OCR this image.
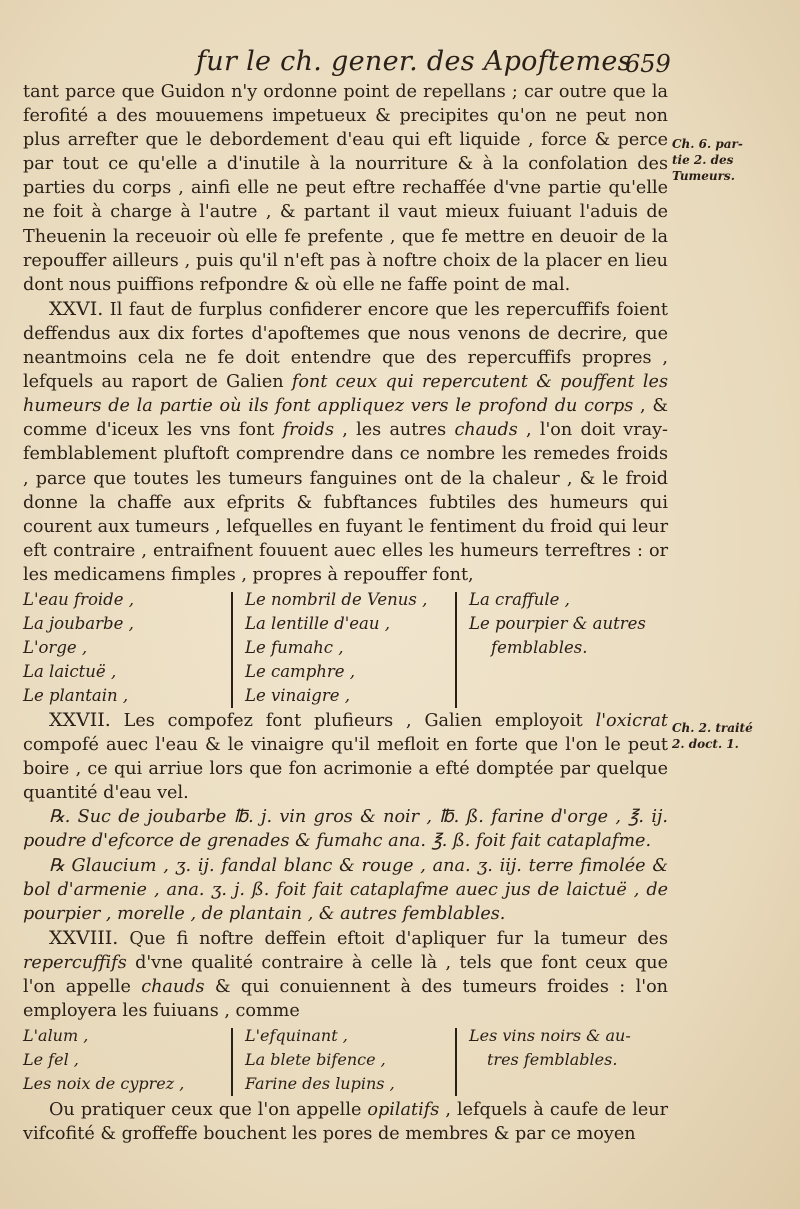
fur le ch. gener. des Apoftemes
659
Ch. 6. par-
tie 2. des
Tumeurs.
Ch. 2. traité
2. doct. 1.

tant parce que Guidon n'y ordonne point de repellans ; car outre que la ferofité a des mouuemens impetueux & precipites qu'on ne peut non plus arrefter que le debordement d'eau qui eft liquide , force & perce par tout ce qu'elle a d'inutile à la nourriture & à la confolation des parties du corps , ainfi elle ne peut eftre rechaffée d'vne partie qu'elle ne foit à charge à l'autre , & partant il vaut mieux fuiuant l'aduis de Theuenin la receuoir où elle fe prefente , que fe mettre en deuoir de la repouffer ailleurs , puis qu'il n'eft pas à noftre choix de la placer en lieu dont nous puiffions refpondre & où elle ne faffe point de mal.

XXVI. Il faut de furplus confiderer encore que les repercuffifs foient deffendus aux dix fortes d'apoftemes que nous venons de decrire, que neantmoins cela ne fe doit entendre que des repercuffifs propres , lefquels au raport de Galien font ceux qui repercutent & pouffent les humeurs de la partie où ils font appliquez vers le profond du corps , & comme d'iceux les vns font froids , les autres chauds , l'on doit vray-femblablement pluftoft comprendre dans ce nombre les remedes froids , parce que toutes les tumeurs fanguines ont de la chaleur , & le froid donne la chaffe aux efprits & fubftances fubtiles des humeurs qui courent aux tumeurs , lefquelles en fuyant le fentiment du froid qui leur eft contraire , entraifnent fouuent auec elles les humeurs terreftres : or les medicamens fimples , propres à repouffer font,

L'eau froide ,
La joubarbe ,
L'orge ,
La laictuë ,
Le plantain ,
Le nombril de Venus ,
La lentille d'eau ,
Le fumahc ,
Le camphre ,
Le vinaigre ,
La craffule ,
Le pourpier & autres
femblables.

XXVII. Les compofez font plufieurs , Galien employoit l'oxicrat compofé auec l'eau & le vinaigre qu'il mefloit en forte que l'on le peut boire , ce qui arriue lors que fon acrimonie a efté domptée par quelque quantité d'eau vel.

℞. Suc de joubarbe ℔. j. vin gros & noir , ℔. ß. farine d'orge , ℥. ij. poudre d'efcorce de grenades & fumahc ana. ℥. ß. foit fait cataplafme.

℞ Glaucium , ʒ. ij. fandal blanc & rouge , ana. ʒ. iij. terre fimolée & bol d'armenie , ana. ʒ. j. ß. foit fait cataplafme auec jus de laictuë , de pourpier , morelle , de plantain , & autres femblables.

XXVIII. Que fi noftre deffein eftoit d'apliquer fur la tumeur des repercuffifs d'vne qualité contraire à celle là , tels que font ceux que l'on appelle chauds & qui conuiennent à des tumeurs froides : l'on employera les fuiuans , comme

L'alum ,
Le fel ,
Les noix de cyprez ,
L'efquinant ,
La blete bifence ,
Farine des lupins ,
Les vins noirs & au-
tres femblables.

Ou pratiquer ceux que l'on appelle opilatifs , lefquels à caufe de leur vifcofité & groffeffe bouchent les pores de membres & par ce moyen
